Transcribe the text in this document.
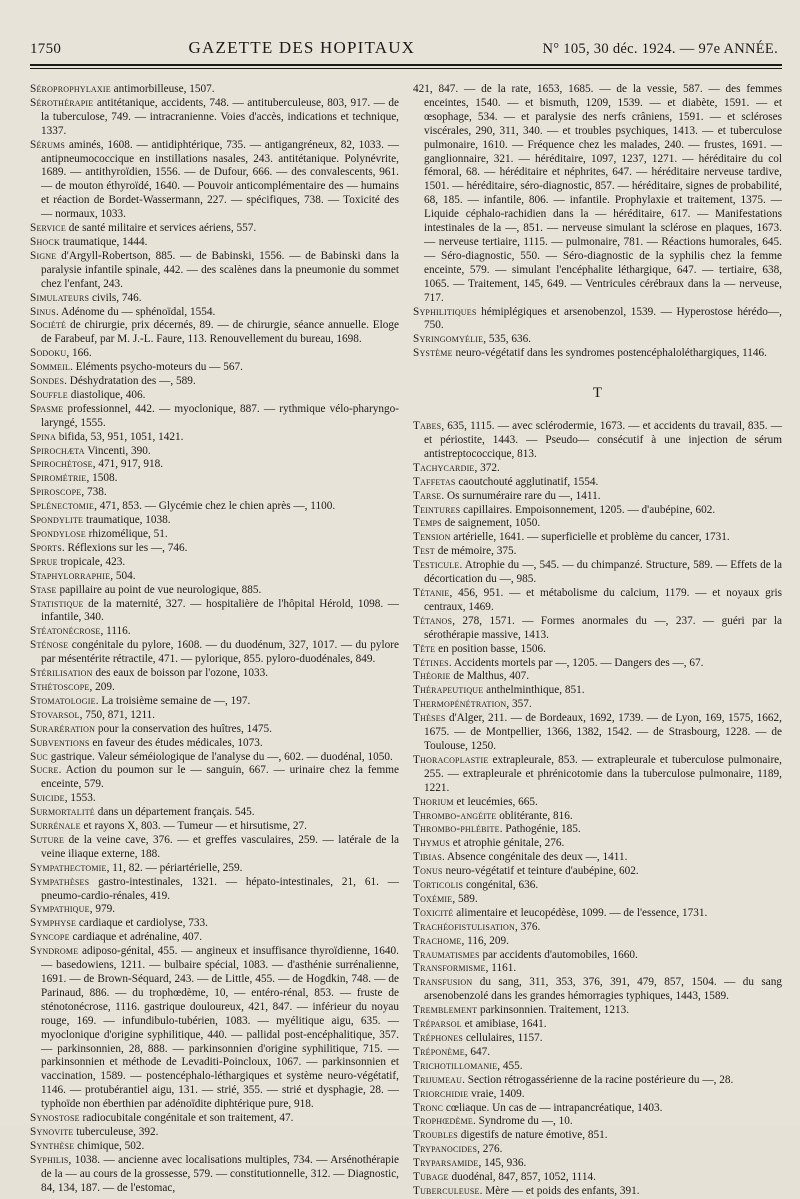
1750	GAZETTE DES HOPITAUX	N° 105, 30 déc. 1924. — 97e ANNÉE.

Séroprophylaxie antimorbilleuse, 1507.

Sérothérapie antitétanique, accidents, 748. — antituberculeuse, 803, 917. — de la tuberculose, 749. — intracranienne. Voies d'accès, indications et technique, 1337.

Sérums aminés, 1608. — antidiphtérique, 735. — antigangréneux, 82, 1033. — antipneumococcique en instillations nasales, 243. antitétanique. Polynévrite, 1689. — antithyroïdien, 1556. — de Dufour, 666. — des convalescents, 961. — de mouton éthyroïdé, 1640. — Pouvoir anticomplémentaire des — humains et réaction de Bordet-Wassermann, 227. — spécifiques, 738. — Toxicité des — normaux, 1033.

Service de santé militaire et services aériens, 557.

Shock traumatique, 1444.

Signe d'Argyll-Robertson, 885. — de Babinski, 1556. — de Babinski dans la paralysie infantile spinale, 442. — des scalènes dans la pneumonie du sommet chez l'enfant, 243.

Simulateurs civils, 746.

Sinus. Adénome du — sphénoïdal, 1554.

Société de chirurgie, prix décernés, 89. — de chirurgie, séance annuelle. Eloge de Farabeuf, par M. J.-L. Faure, 113. Renouvellement du bureau, 1698.

Sodoku, 166.

Sommeil. Eléments psycho-moteurs du — 567.

Sondes. Déshydratation des —, 589.

Souffle diastolique, 406.

Spasme professionnel, 442. — myoclonique, 887. — rythmique vélo-pharyngo-laryngé, 1555.

Spina bifida, 53, 951, 1051, 1421.

Spirochæta Vincenti, 390.

Spirochétose, 471, 917, 918.

Spirométrie, 1508.

Spiroscope, 738.

Splénectomie, 471, 853. — Glycémie chez le chien après —, 1100.

Spondylite traumatique, 1038.

Spondylose rhizomélique, 51.

Sports. Réflexions sur les —, 746.

Sprue tropicale, 423.

Staphylorraphie, 504.

Stase papillaire au point de vue neurologique, 885.

Statistique de la maternité, 327. — hospitalière de l'hôpital Hérold, 1098. — infantile, 340.

Stéatonécrose, 1116.

Sténose congénitale du pylore, 1608. — du duodénum, 327, 1017. — du pylore par mésentérite rétractile, 471. — pylorique, 855. pyloro-duodénales, 849.

Stérilisation des eaux de boisson par l'ozone, 1033.

Sthétoscope, 209.

Stomatologie. La troisième semaine de —, 197.

Stovarsol, 750, 871, 1211.

Surarération pour la conservation des huîtres, 1475.

Subventions en faveur des études médicales, 1073.

Suc gastrique. Valeur séméiologique de l'analyse du —, 602. — duodénal, 1050.

Sucre. Action du poumon sur le — sanguin, 667. — urinaire chez la femme enceinte, 579.

Suicide, 1553.

Surmortalité dans un département français. 545.

Surrénale et rayons X, 803. — Tumeur — et hirsutisme, 27.

Suture de la veine cave, 376. — et greffes vasculaires, 259. — latérale de la veine iliaque externe, 188.

Sympathectomie, 11, 82. — périartérielle, 259.

Sympathèses gastro-intestinales, 1321. — hépato-intestinales, 21, 61. — pneumo-cardio-rénales, 419.

Sympathique, 979.

Symphyse cardiaque et cardiolyse, 733.

Syncope cardiaque et adrénaline, 407.

Syndrome adiposo-génital, 455. — angineux et insuffisance thyroïdienne, 1640. — basedowiens, 1211. — bulbaire spécial, 1083. — d'asthénie surrénalienne, 1691. — de Brown-Séquard, 243. — de Little, 455. — de Hogdkin, 748. — de Parinaud, 886. — du trophœdème, 10, — entéro-rénal, 853. — fruste de sténotonécrose, 1116. gastrique douloureux, 421, 847. — inférieur du noyau rouge, 169. — infundibulo-tubérien, 1083. — myélitique aigu, 635. — myoclonique d'origine syphilitique, 440. — pallidal post-encéphalitique, 357. — parkinsonnien, 28, 888. — parkinsonnien d'origine syphilitique, 715. — parkinsonnien et méthode de Levaditi-Poincloux, 1067. — parkinsonnien et vaccination, 1589. — postencéphalo-léthargiques et système neuro-végétatif, 1146. — protubérantiel aigu, 131. — strié, 355. — strié et dysphagie, 28. — typhoïde non éberthien par adénoïdite diphtérique pure, 918.

Synostose radiocubitale congénitale et son traitement, 47.

Synovite tuberculeuse, 392.

Synthèse chimique, 502.

Syphilis, 1038. — ancienne avec localisations multiples, 734. — Arsénothérapie de la — au cours de la grossesse, 579. — constitutionnelle, 312. — Diagnostic, 84, 134, 187. — de l'estomac,

421, 847. — de la rate, 1653, 1685. — de la vessie, 587. — des femmes enceintes, 1540. — et bismuth, 1209, 1539. — et diabète, 1591. — et œsophage, 534. — et paralysie des nerfs crâniens, 1591. — et scléroses viscérales, 290, 311, 340. — et troubles psychiques, 1413. — et tuberculose pulmonaire, 1610. — Fréquence chez les malades, 240. — frustes, 1691. — ganglionnaire, 321. — héréditaire, 1097, 1237, 1271. — héréditaire du col fémoral, 68. — héréditaire et néphrites, 647. — héréditaire nerveuse tardive, 1501. — héréditaire, séro-diagnostic, 857. — héréditaire, signes de probabilité, 68, 185. — infantile, 806. — infantile. Prophylaxie et traitement, 1375. — Liquide céphalo-rachidien dans la — héréditaire, 617. — Manifestations intestinales de la —, 851. — nerveuse simulant la sclérose en plaques, 1673. — nerveuse tertiaire, 1115. — pulmonaire, 781. — Réactions humorales, 645. — Séro-diagnostic, 550. — Séro-diagnostic de la syphilis chez la femme enceinte, 579. — simulant l'encéphalite léthargique, 647. — tertiaire, 638, 1065. — Traitement, 145, 649. — Ventricules cérébraux dans la — nerveuse, 717.

Syphilitiques hémiplégiques et arsenobenzol, 1539. — Hyperostose hérédo—, 750.

Syringomyélie, 535, 636.

Système neuro-végétatif dans les syndromes postencéphaloléthargiques, 1146.

T

Tabes, 635, 1115. — avec sclérodermie, 1673. — et accidents du travail, 835. — et périostite, 1443. — Pseudo— consécutif à une injection de sérum antistreptococcique, 813.

Tachycardie, 372.

Taffetas caoutchouté agglutinatif, 1554.

Tarse. Os surnuméraire rare du —, 1411.

Teintures capillaires. Empoisonnement, 1205. — d'aubépine, 602.

Temps de saignement, 1050.

Tension artérielle, 1641. — superficielle et problème du cancer, 1731.

Test de mémoire, 375.

Testicule. Atrophie du —, 545. — du chimpanzé. Structure, 589. — Effets de la décortication du —, 985.

Tétanie, 456, 951. — et métabolisme du calcium, 1179. — et noyaux gris centraux, 1469.

Tétanos, 278, 1571. — Formes anormales du —, 237. — guéri par la sérothérapie massive, 1413.

Tête en position basse, 1506.

Tétines. Accidents mortels par —, 1205. — Dangers des —, 67.

Théorie de Malthus, 407.

Thérapeutique anthelminthique, 851.

Thermopénétration, 357.

Thèses d'Alger, 211. — de Bordeaux, 1692, 1739. — de Lyon, 169, 1575, 1662, 1675. — de Montpellier, 1366, 1382, 1542. — de Strasbourg, 1228. — de Toulouse, 1250.

Thoracoplastie extrapleurale, 853. — extrapleurale et tuberculose pulmonaire, 255. — extrapleurale et phrénicotomie dans la tuberculose pulmonaire, 1189, 1221.

Thorium et leucémies, 665.

Thrombo-angéite oblitérante, 816.

Thrombo-phlébite. Pathogénie, 185.

Thymus et atrophie génitale, 276.

Tibias. Absence congénitale des deux —, 1411.

Tonus neuro-végétatif et teinture d'aubépine, 602.

Torticolis congénital, 636.

Toxémie, 589.

Toxicité alimentaire et leucopédèse, 1099. — de l'essence, 1731.

Trachéofistulisation, 376.

Trachome, 116, 209.

Traumatismes par accidents d'automobiles, 1660.

Transformisme, 1161.

Transfusion du sang, 311, 353, 376, 391, 479, 857, 1504. — du sang arsenobenzolé dans les grandes hémorragies typhiques, 1443, 1589.

Tremblement parkinsonnien. Traitement, 1213.

Tréparsol et amibiase, 1641.

Tréphones cellulaires, 1157.

Tréponème, 647.

Trichotillomanie, 455.

Trijumeau. Section rétrogassérienne de la racine postérieure du —, 28.

Triorchidie vraie, 1409.

Tronc cœliaque. Un cas de — intrapancréatique, 1403.

Trophœdème. Syndrome du —, 10.

Troubles digestifs de nature émotive, 851.

Trypanocides, 276.

Tryparsamide, 145, 936.

Tubage duodénal, 847, 857, 1052, 1114.

Tuberculeuse. Mère — et poids des enfants, 391.
